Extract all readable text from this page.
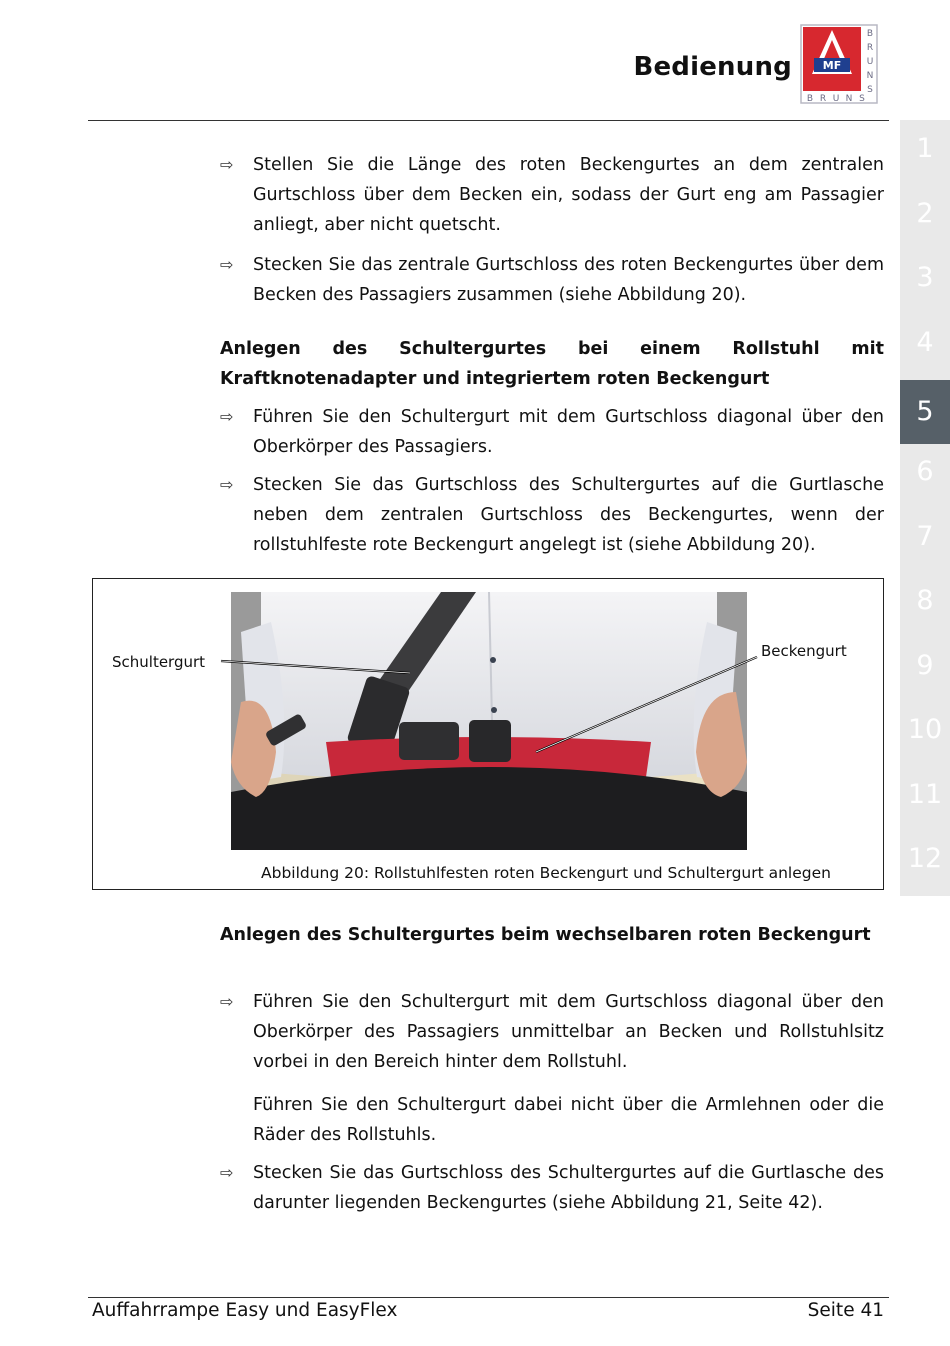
Bedienung	MF
B
R
U
N
S
B R U N S
⇨ Stellen Sie die Länge des roten Beckengurtes an dem zentralen Gurtschloss über dem Becken ein, sodass der Gurt eng am Passagier anliegt, aber nicht quetscht.
⇨ Stecken Sie das zentrale Gurtschloss des roten Beckengurtes über dem Becken des Passagiers zusammen (siehe Abbildung 20).
Anlegen des Schultergurtes bei einem Rollstuhl mit Kraftknotenadapter und integriertem roten Beckengurt
⇨ Führen Sie den Schultergurt mit dem Gurtschloss diagonal über den Oberkörper des Passagiers.
⇨ Stecken Sie das Gurtschloss des Schultergurtes auf die Gurtlasche neben dem zentralen Gurtschloss des Beckengurtes, wenn der rollstuhlfeste rote Beckengurt angelegt ist (siehe Abbildung 20).
Schultergurt
Beckengurt
Abbildung 20: Rollstuhlfesten roten Beckengurt und Schultergurt anlegen
Anlegen des Schultergurtes beim wechselbaren roten Beckengurt
⇨ Führen Sie den Schultergurt mit dem Gurtschloss diagonal über den Oberkörper des Passagiers unmittelbar an Becken und Rollstuhlsitz vorbei in den Bereich hinter dem Rollstuhl.
Führen Sie den Schultergurt dabei nicht über die Armlehnen oder die Räder des Rollstuhls.
⇨ Stecken Sie das Gurtschloss des Schultergurtes auf die Gurtlasche des darunter liegenden Beckengurtes (siehe Abbildung 21, Seite 42).
1
2
3
4
5
6
7
8
9
10
11
12
Auffahrrampe Easy und EasyFlex	Seite 41
